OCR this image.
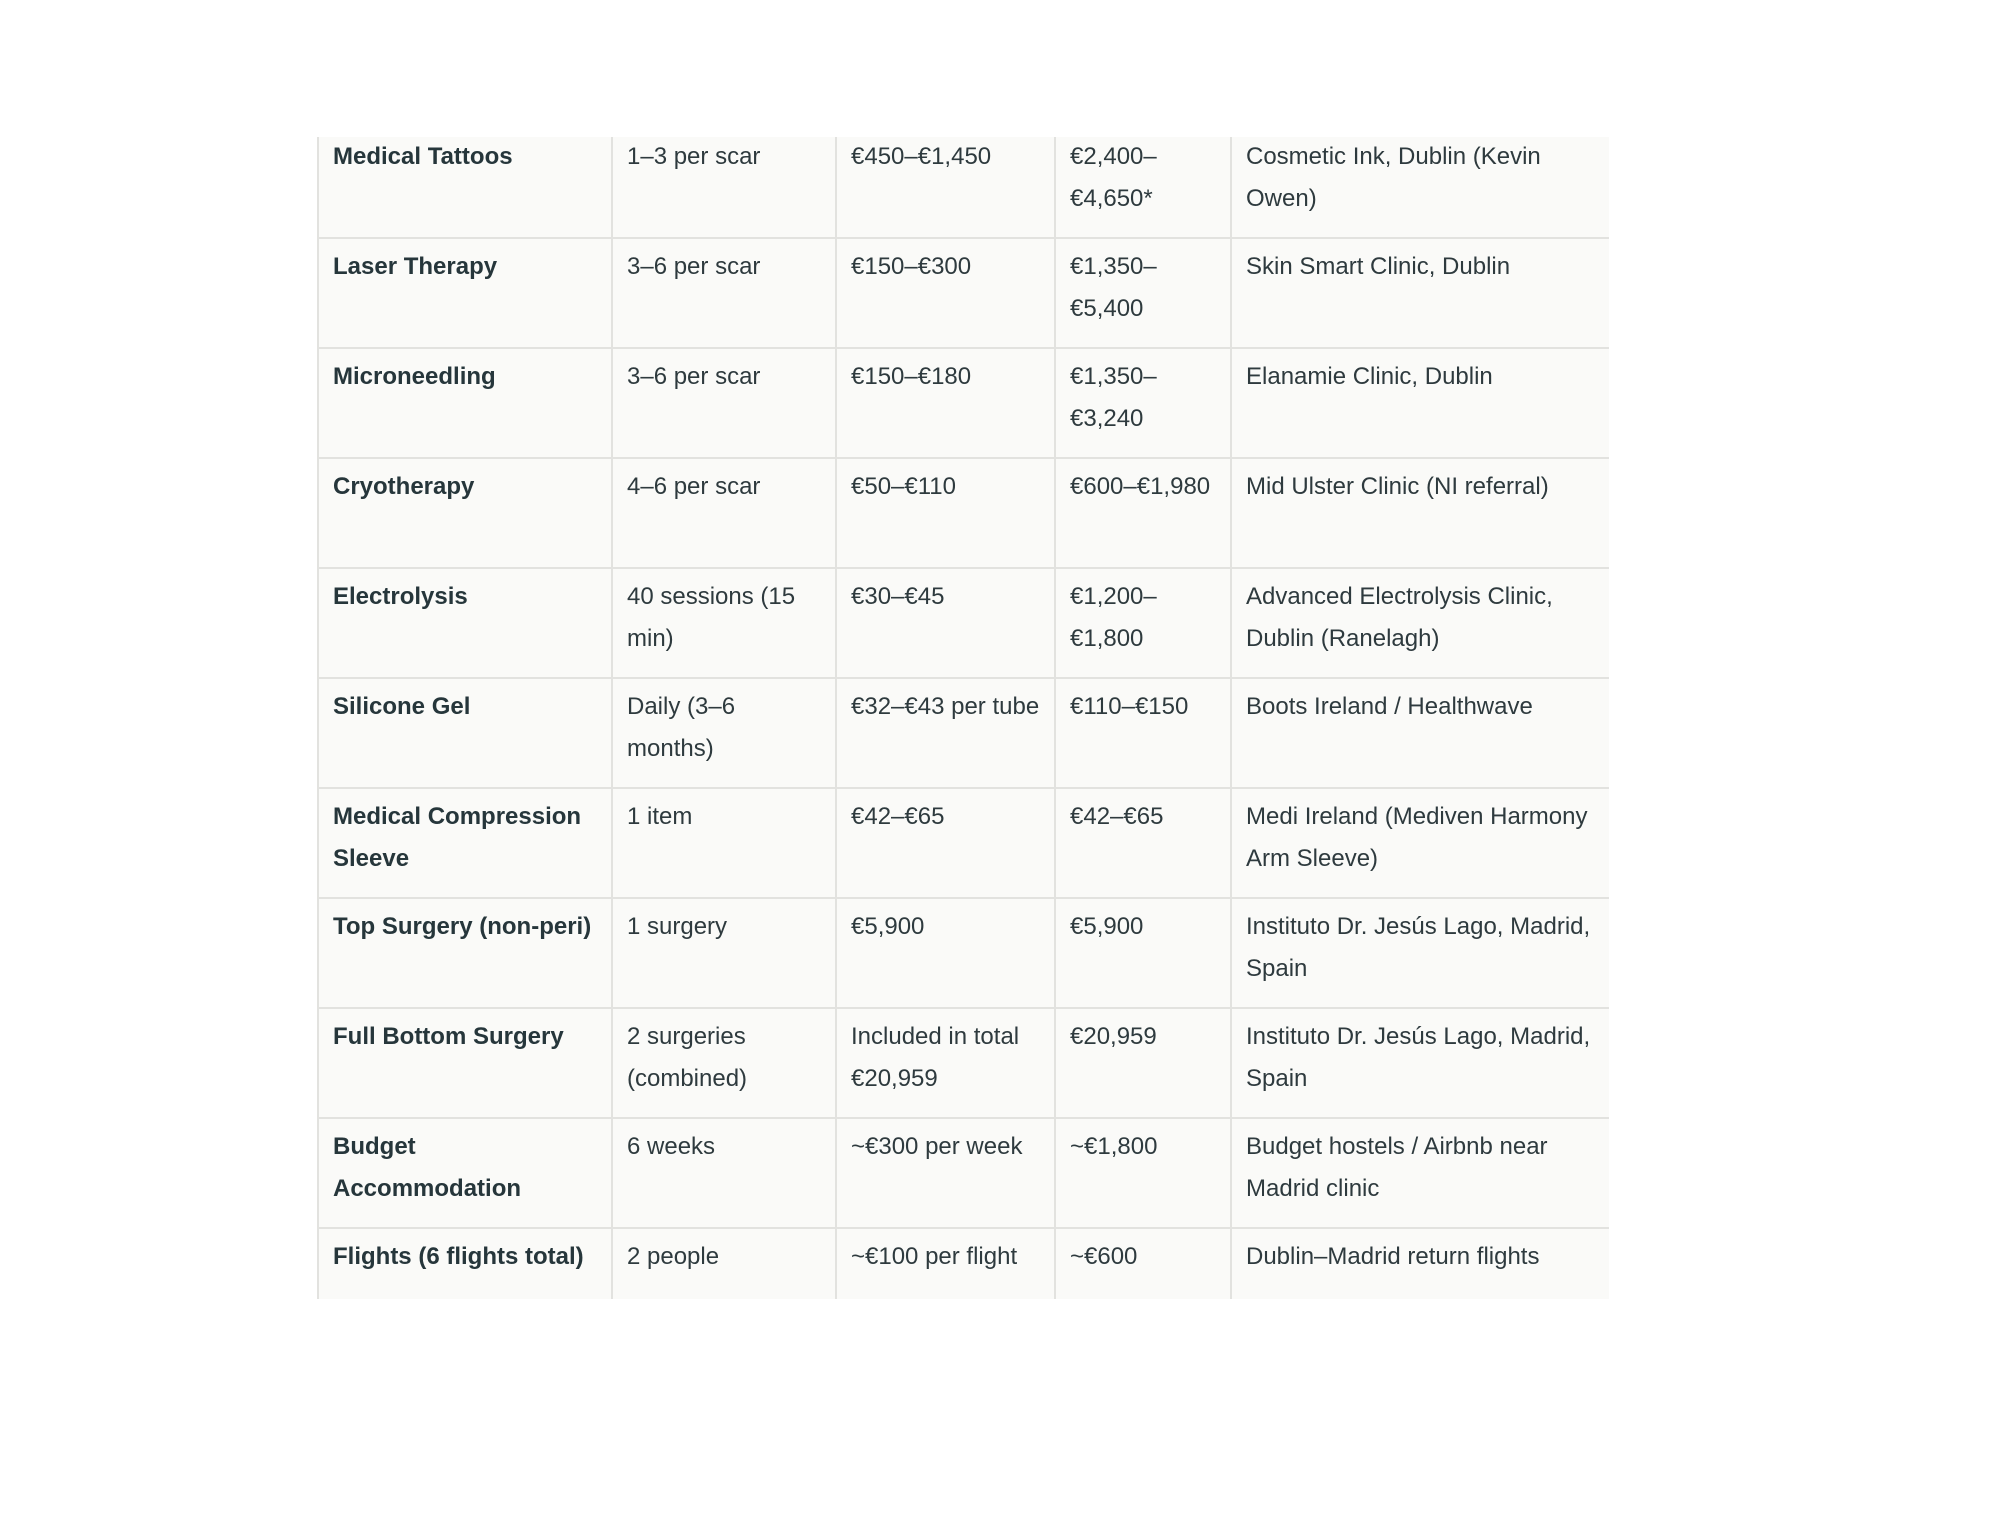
Medical Tattoos	1–3 per scar	€450–€1,450	€2,400–€4,650*	Cosmetic Ink, Dublin (Kevin Owen)
Laser Therapy	3–6 per scar	€150–€300	€1,350–€5,400	Skin Smart Clinic, Dublin
Microneedling	3–6 per scar	€150–€180	€1,350–€3,240	Elanamie Clinic, Dublin
Cryotherapy	4–6 per scar	€50–€110	€600–€1,980	Mid Ulster Clinic (NI referral)
Electrolysis	40 sessions (15 min)	€30–€45	€1,200–€1,800	Advanced Electrolysis Clinic, Dublin (Ranelagh)
Silicone Gel	Daily (3–6 months)	€32–€43 per tube	€110–€150	Boots Ireland / Healthwave
Medical Compression Sleeve	1 item	€42–€65	€42–€65	Medi Ireland (Mediven Harmony Arm Sleeve)
Top Surgery (non-peri)	1 surgery	€5,900	€5,900	Instituto Dr. Jesús Lago, Madrid, Spain
Full Bottom Surgery	2 surgeries (combined)	Included in total €20,959	€20,959	Instituto Dr. Jesús Lago, Madrid, Spain
Budget Accommodation	6 weeks	~€300 per week	~€1,800	Budget hostels / Airbnb near Madrid clinic
Flights (6 flights total)	2 people	~€100 per flight	~€600	Dublin–Madrid return flights
